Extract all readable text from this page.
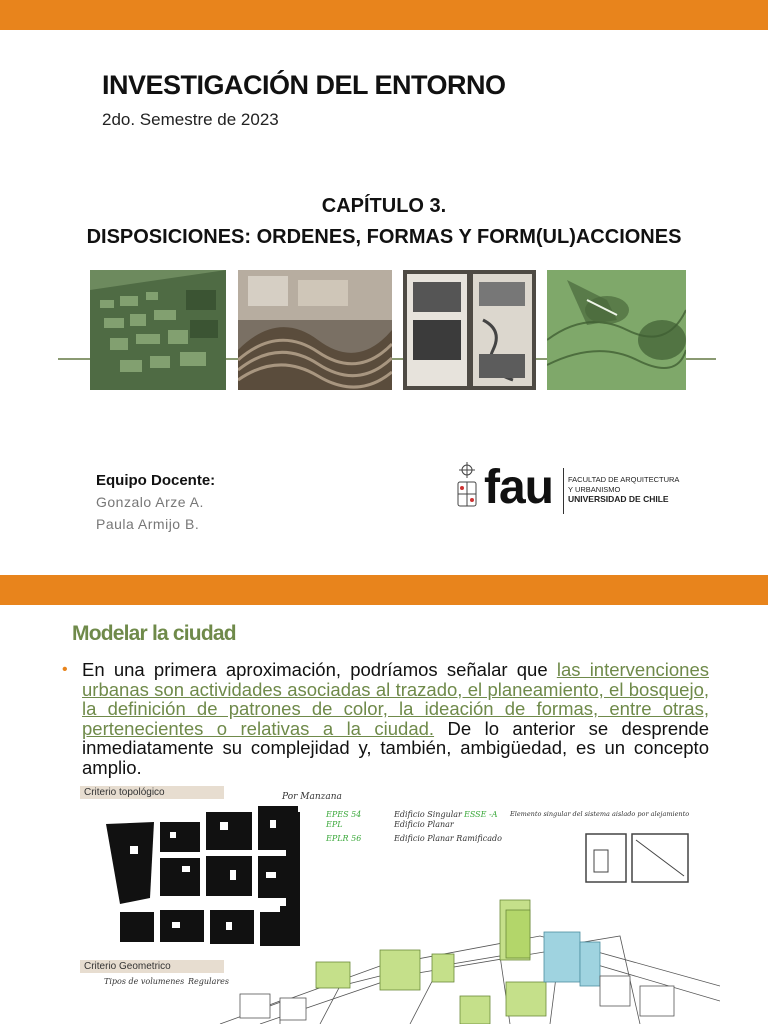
INVESTIGACIÓN DEL ENTORNO
2do. Semestre de 2023
CAPÍTULO 3.
DISPOSICIONES: ORDENES, FORMAS Y FORM(UL)ACCIONES
Equipo Docente:
Gonzalo Arze A.
Paula Armijo B.
fau FACULTAD DE ARQUITECTURA
Y URBANISMO
UNIVERSIDAD DE CHILE
Modelar la ciudad
• En una primera aproximación, podríamos señalar que las intervenciones urbanas son actividades asociadas al trazado, el planeamiento, el bosquejo, la definición de patrones de color, la ideación de formas, entre otras, pertenecientes o relativas a la ciudad. De lo anterior se desprende inmediatamente su complejidad y, también, ambigüedad, es un concepto amplio.
Criterio topológico
Criterio Geometrico
Tipos de volumenes Regulares
Por Manzana
EPES 54
EPL
EPLR 56
Edificio Singular
Edificio Planar
Edificio Planar Ramificado
ESSE -A Elemento singular del sistema aislado por alejamiento
